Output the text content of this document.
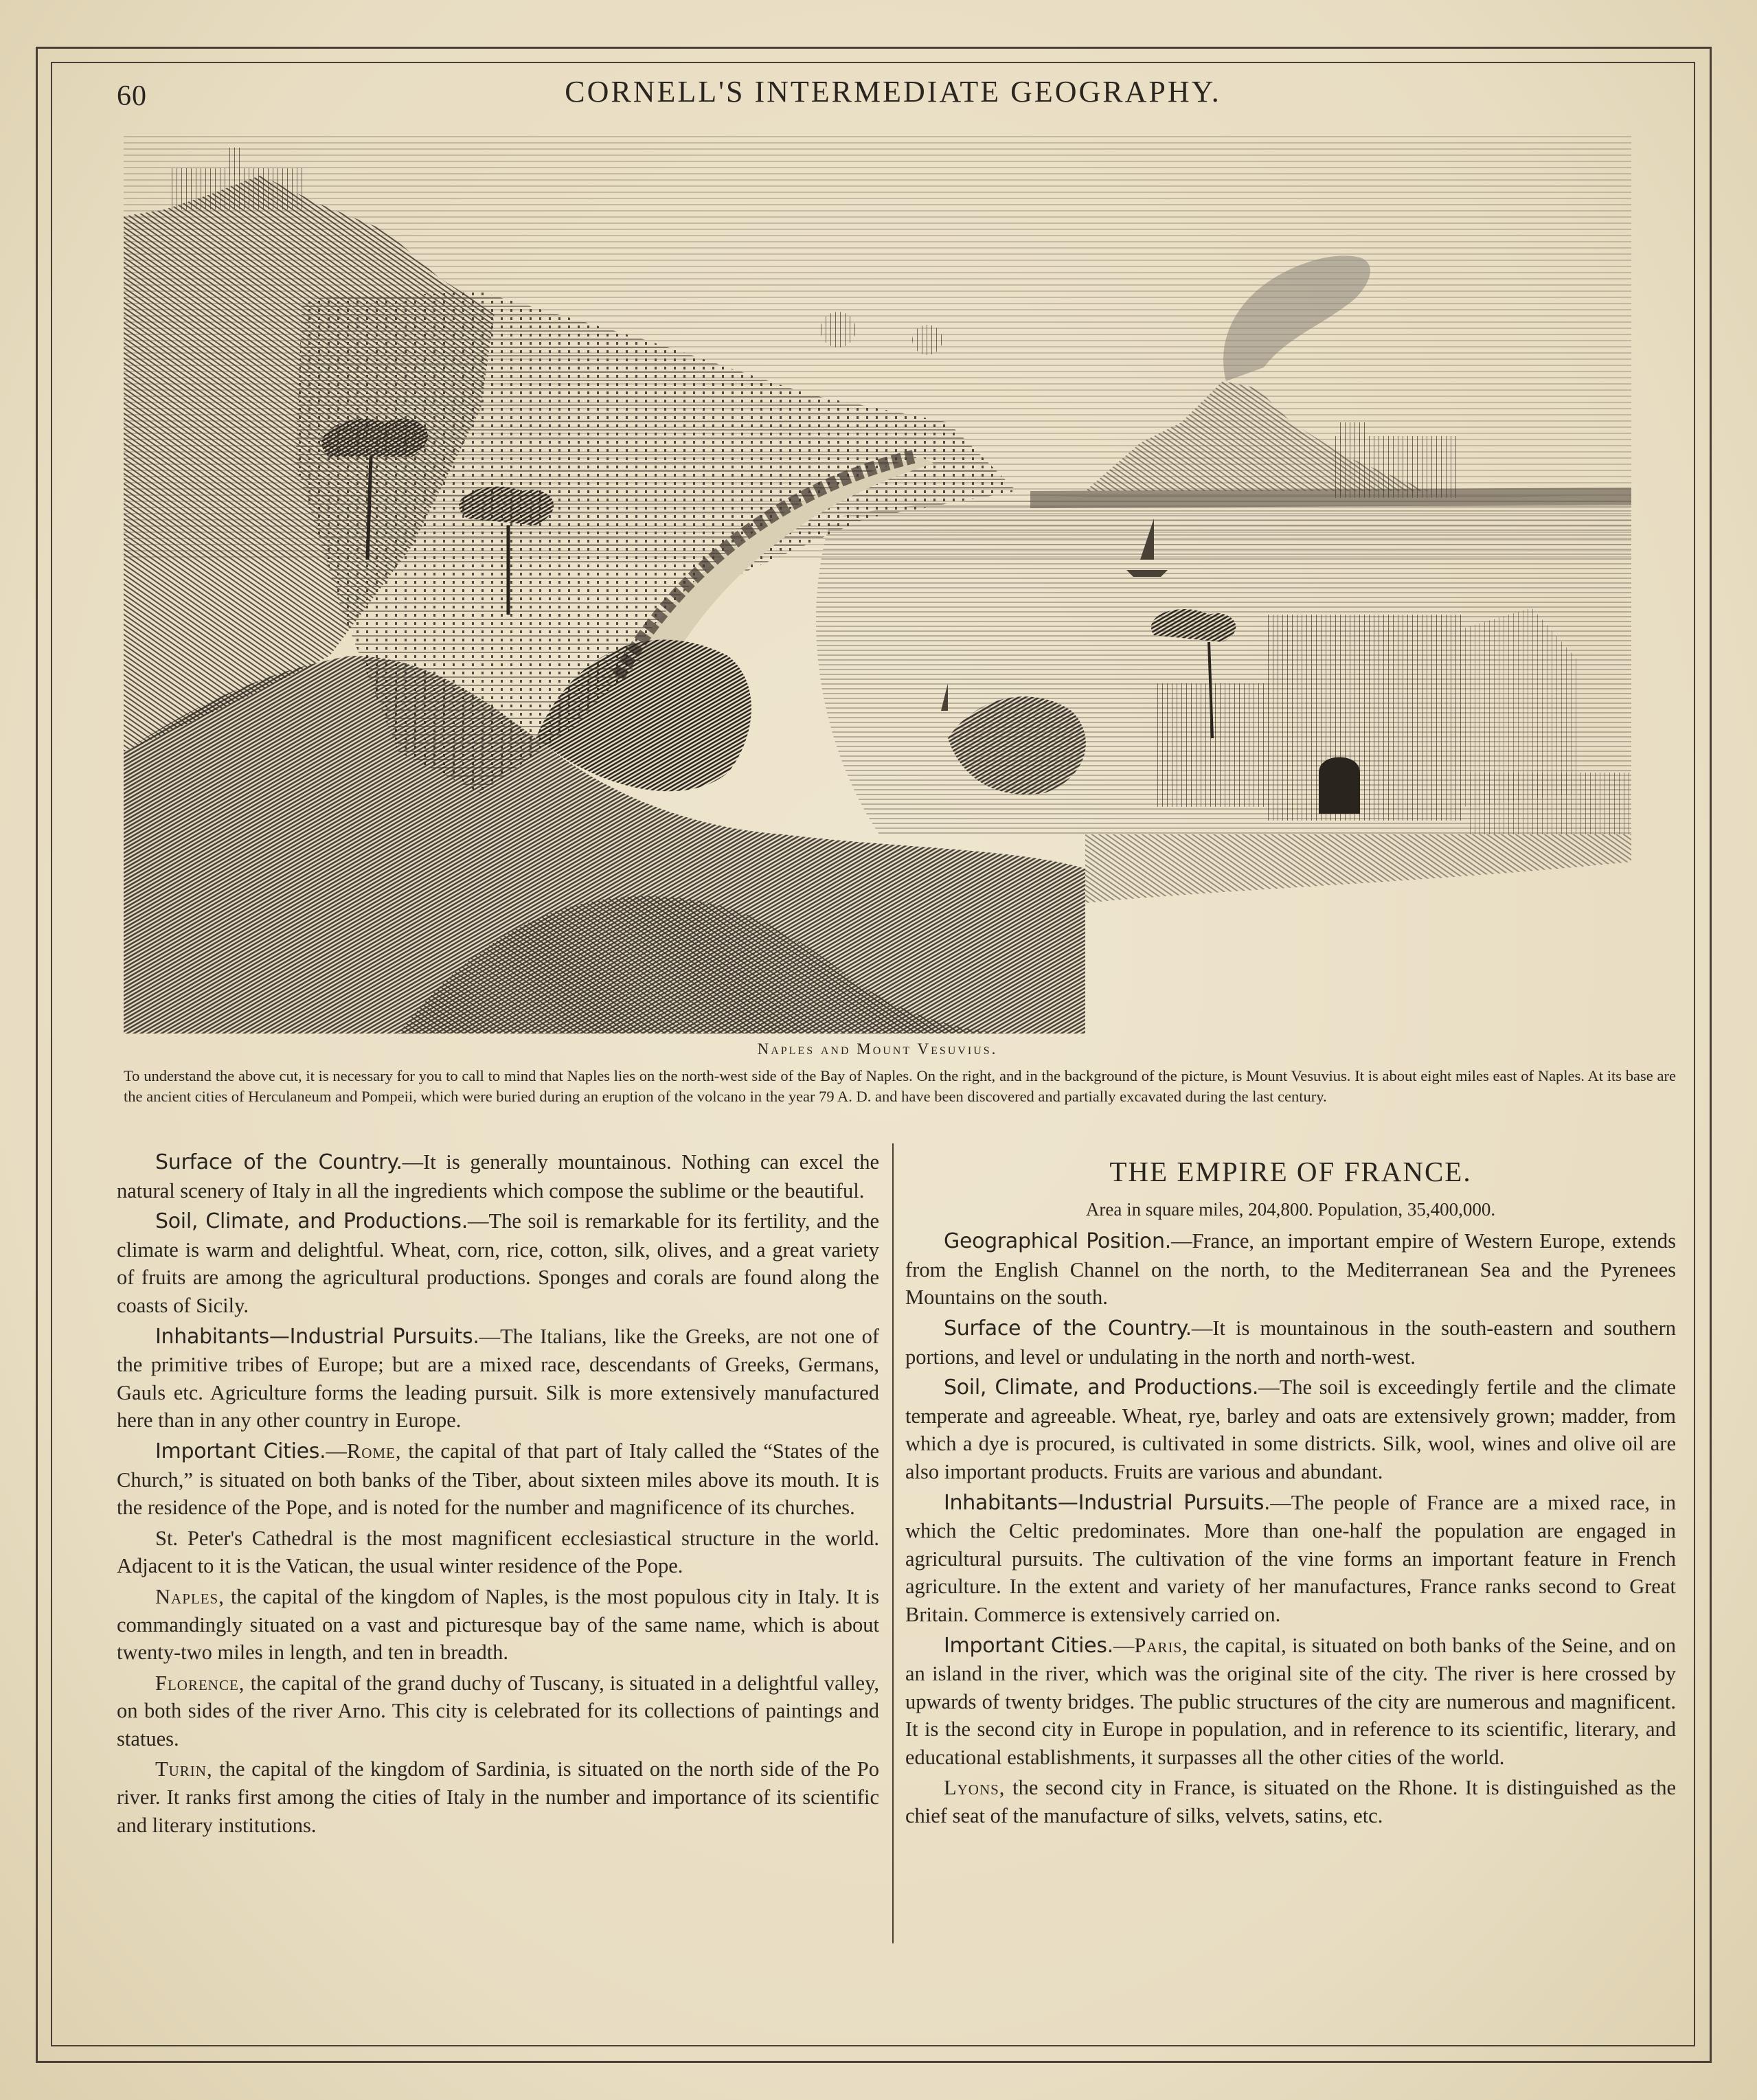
60	CORNELL'S INTERMEDIATE GEOGRAPHY.
Naples and Mount Vesuvius.
To understand the above cut, it is necessary for you to call to mind that Naples lies on the north-west side of the Bay of Naples. On the right, and in the background of the picture, is Mount Vesuvius. It is about eight miles east of Naples. At its base are the ancient cities of Herculaneum and Pompeii, which were buried during an eruption of the volcano in the year 79 A. D. and have been discovered and partially excavated during the last century.

Surface of the Country.—It is generally mountainous. Nothing can excel the natural scenery of Italy in all the ingredients which compose the sublime or the beautiful.

Soil, Climate, and Productions.—The soil is remarkable for its fertility, and the climate is warm and delightful. Wheat, corn, rice, cotton, silk, olives, and a great variety of fruits are among the agricultural productions. Sponges and corals are found along the coasts of Sicily.

Inhabitants—Industrial Pursuits.—The Italians, like the Greeks, are not one of the primitive tribes of Europe; but are a mixed race, descendants of Greeks, Germans, Gauls etc. Agriculture forms the leading pursuit. Silk is more extensively manufactured here than in any other country in Europe.

Important Cities.—Rome, the capital of that part of Italy called the “States of the Church,” is situated on both banks of the Tiber, about sixteen miles above its mouth. It is the residence of the Pope, and is noted for the number and magnificence of its churches.

St. Peter's Cathedral is the most magnificent ecclesiastical structure in the world. Adjacent to it is the Vatican, the usual winter residence of the Pope.

Naples, the capital of the kingdom of Naples, is the most populous city in Italy. It is commandingly situated on a vast and picturesque bay of the same name, which is about twenty-two miles in length, and ten in breadth.

Florence, the capital of the grand duchy of Tuscany, is situated in a delightful valley, on both sides of the river Arno. This city is celebrated for its collections of paintings and statues.

Turin, the capital of the kingdom of Sardinia, is situated on the north side of the Po river. It ranks first among the cities of Italy in the number and importance of its scientific and literary institutions.

THE EMPIRE OF FRANCE.
Area in square miles, 204,800. Population, 35,400,000.

Geographical Position.—France, an important empire of Western Europe, extends from the English Channel on the north, to the Mediterranean Sea and the Pyrenees Mountains on the south.

Surface of the Country.—It is mountainous in the south-eastern and southern portions, and level or undulating in the north and north-west.

Soil, Climate, and Productions.—The soil is exceedingly fertile and the climate temperate and agreeable. Wheat, rye, barley and oats are extensively grown; madder, from which a dye is procured, is cultivated in some districts. Silk, wool, wines and olive oil are also important products. Fruits are various and abundant.

Inhabitants—Industrial Pursuits.—The people of France are a mixed race, in which the Celtic predominates. More than one-half the population are engaged in agricultural pursuits. The cultivation of the vine forms an important feature in French agriculture. In the extent and variety of her manufactures, France ranks second to Great Britain. Commerce is extensively carried on.

Important Cities.—Paris, the capital, is situated on both banks of the Seine, and on an island in the river, which was the original site of the city. The river is here crossed by upwards of twenty bridges. The public structures of the city are numerous and magnificent. It is the second city in Europe in population, and in reference to its scientific, literary, and educational establishments, it surpasses all the other cities of the world.

Lyons, the second city in France, is situated on the Rhone. It is distinguished as the chief seat of the manufacture of silks, velvets, satins, etc.
